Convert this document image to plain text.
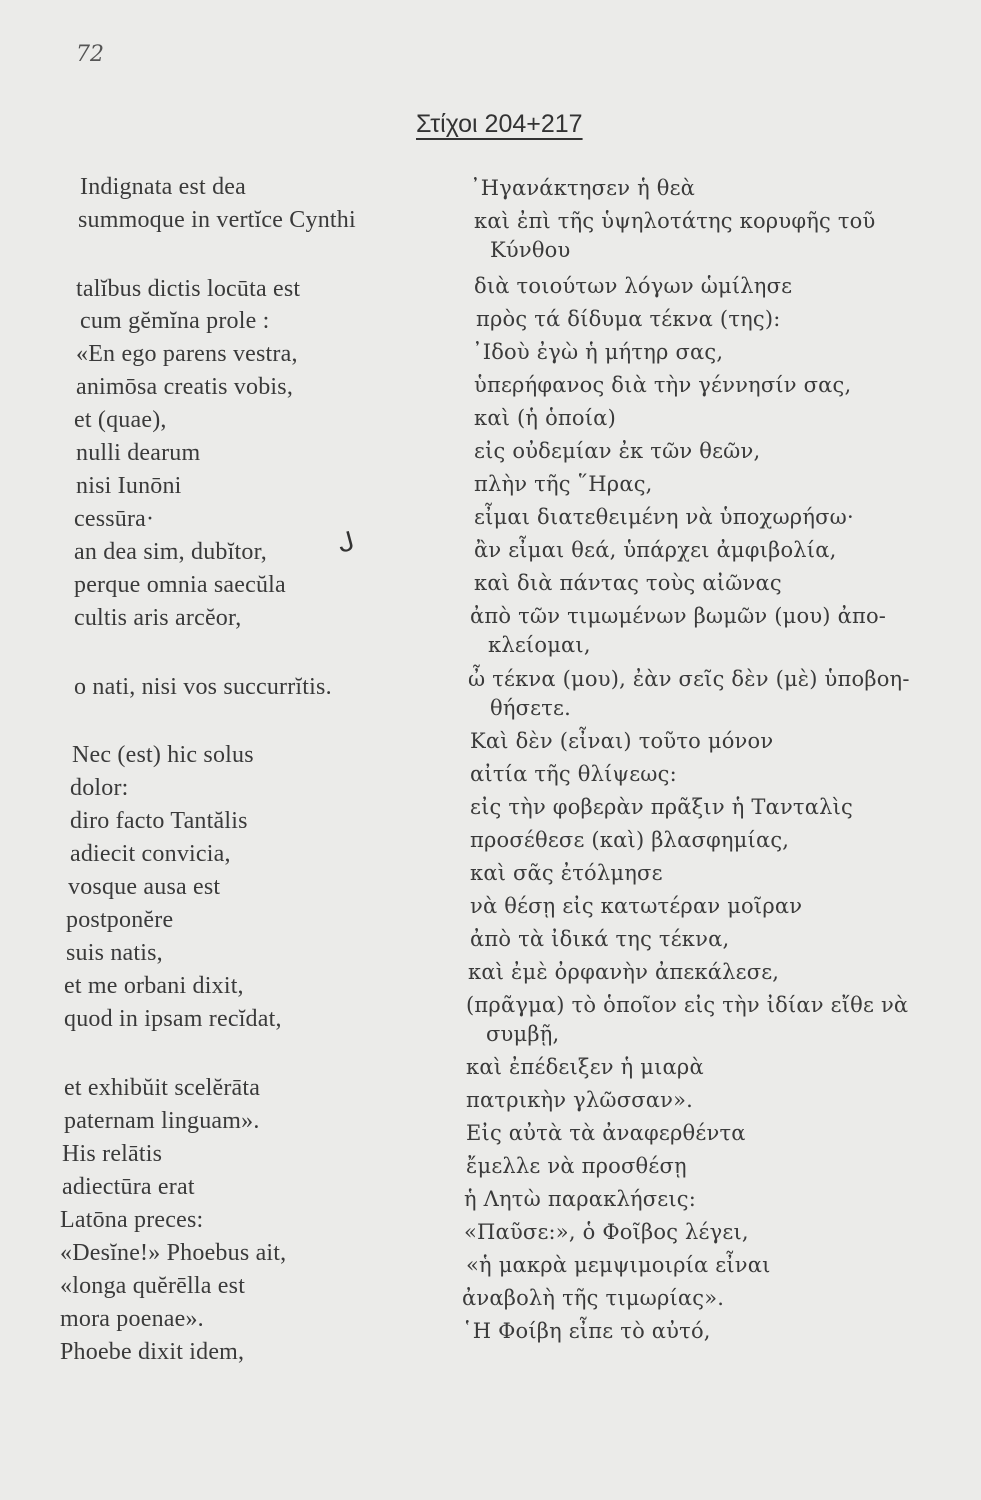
72
Στίχοι 204+217
ᒍ
Indignata est dea
summoque in vertĭce Cynthi
talĭbus dictis locūta est
cum gĕmĭna prole :
«En ego parens vestra,
animōsa creatis vobis,
et (quae),
nulli dearum
nisi Iunōni
cessūra·
an dea sim, dubĭtor,
perque omnia saecŭla
cultis aris arcĕor,
o nati, nisi vos succurrĭtis.
Nec (est) hic solus
dolor:
diro facto Tantălis
adiecit convicia,
vosque ausa est
postponĕre
suis natis,
et me orbani dixit,
quod in ipsam recĭdat,
et exhibŭit scelĕrāta
paternam linguam».
His relātis
adiectūra erat
Latōna preces:
«Desĭne!» Phoebus ait,
«longa quĕrēlla est
mora poenae».
Phoebe dixit idem,
᾿Ηγανάκτησεν ἡ θεὰ
καὶ ἐπὶ τῆς ὑψηλοτάτης κορυφῆς τοῦ
Κύνθου
διὰ τοιούτων λόγων ὡμίλησε
πρὸς τά δίδυμα τέκνα (της):
᾿Ιδοὺ ἐγὼ ἡ μήτηρ σας,
ὑπερήφανος διὰ τὴν γέννησίν σας,
καὶ (ἡ ὁποία)
εἰς οὐδεμίαν ἐκ τῶν θεῶν,
πλὴν τῆς ῞Ηρας,
εἶμαι διατεθειμένη νὰ ὑποχωρήσω·
ἂν εἶμαι θεά, ὑπάρχει ἀμφιβολία,
καὶ διὰ πάντας τοὺς αἰῶνας
ἀπὸ τῶν τιμωμένων βωμῶν (μου) ἀπο-
κλείομαι,
ὦ τέκνα (μου), ἐὰν σεῖς δὲν (μὲ) ὑποβοη-
θήσετε.
Καὶ δὲν (εἶναι) τοῦτο μόνον
αἰτία τῆς θλίψεως:
εἰς τὴν φοβερὰν πρᾶξιν ἡ Τανταλὶς
προσέθεσε (καὶ) βλασφημίας,
καὶ σᾶς ἐτόλμησε
νὰ θέσῃ εἰς κατωτέραν μοῖραν
ἀπὸ τὰ ἰδικά της τέκνα,
καὶ ἐμὲ ὀρφανὴν ἀπεκάλεσε,
(πρᾶγμα) τὸ ὁποῖον εἰς τὴν ἰδίαν εἴθε νὰ
συμβῇ,
καὶ ἐπέδειξεν ἡ μιαρὰ
πατρικὴν γλῶσσαν».
Εἰς αὐτὰ τὰ ἀναφερθέντα
ἔμελλε νὰ προσθέσῃ
ἡ Λητὼ παρακλήσεις:
«Παῦσε:», ὁ Φοῖβος λέγει,
«ἡ μακρὰ μεμψιμοιρία εἶναι
ἀναβολὴ τῆς τιμωρίας».
῾Η Φοίβη εἶπε τὸ αὐτό,
